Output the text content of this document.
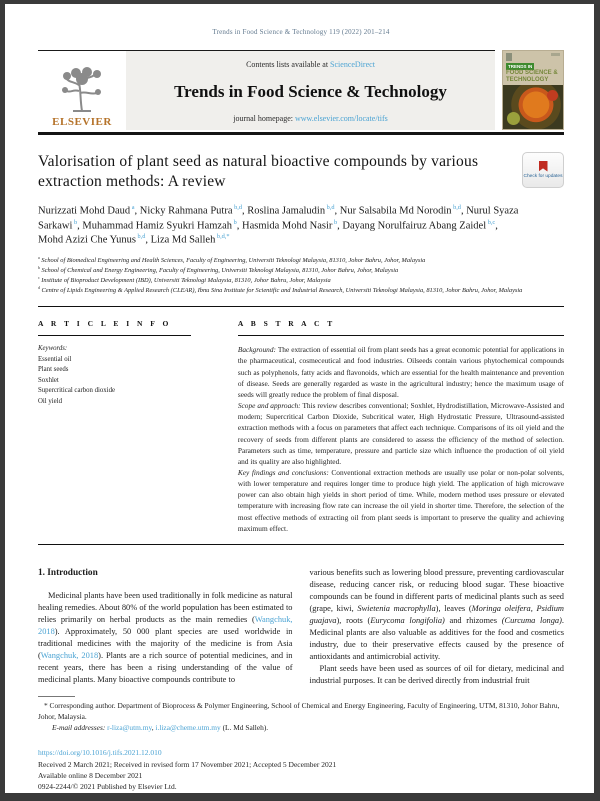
Trends in Food Science & Technology 119 (2022) 201–214
ELSEVIER
Contents lists available at ScienceDirect
Trends in Food Science & Technology
journal homepage: www.elsevier.com/locate/tifs
TRENDS IN
FOOD SCIENCE & TECHNOLOGY
Valorisation of plant seed as natural bioactive compounds by various extraction methods: A review	Check for updates
Nurizzati Mohd Daud $^a$, Nicky Rahmana Putra $^{b,d}$, Roslina Jamaludin $^{b,d}$, Nur Salsabila Md Norodin $^{b,d}$, Nurul Syaza Sarkawi $^b$, Muhammad Hamiz Syukri Hamzah $^b$, Hasmida Mohd Nasir $^b$, Dayang Norulfairuz Abang Zaidel $^{b,c}$, Mohd Azizi Che Yunus $^{b,d}$, Liza Md Salleh $^{b,d,*}$
$^a$ School of Biomedical Engineering and Health Sciences, Faculty of Engineering, Universiti Teknologi Malaysia, 81310, Johor Bahru, Johor, Malaysia
$^b$ School of Chemical and Energy Engineering, Faculty of Engineering, Universiti Teknologi Malaysia, 81310, Johor Bahru, Johor, Malaysia
$^c$ Institute of Bioproduct Development (IBD), Universiti Teknologi Malaysia, 81310, Johor Bahru, Johor, Malaysia
$^d$ Centre of Lipids Engineering & Applied Research (CLEAR), Ibnu Sina Institute for Scientific and Industrial Research, Universiti Teknologi Malaysia, 81310, Johor Bahru, Johor, Malaysia
A R T I C L E I N F O
Keywords:
Essential oil
Plant seeds
Soxhlet
Supercritical carbon dioxide
Oil yield
A B S T R A C T

Background: The extraction of essential oil from plant seeds has a great economic potential for applications in the pharmaceutical, cosmeceutical and food industries. Oilseeds contain various phytochemical compounds such as polyphenols, fatty acids and flavonoids, which are essential for the health maintenance and prevention of disease. Seeds are generally regarded as waste in the agricultural industry; hence the maximum usage of seeds will greatly reduce the problem of final disposal.

Scope and approach: This review describes conventional; Soxhlet, Hydrodistillation, Microwave-Assisted and modern; Supercritical Carbon Dioxide, Subcritical water, High Hydrostatic Pressure, Ultrasound-assisted extraction methods with a focus on parameters that affect each technique. Comparisons of its oil yield and the recovery of seeds from different plants are considered to assess the efficiency of the method of selection. Parameters such as time, temperature, pressure and particle size which influence the production of oil yield and its quality are also highlighted.

Key findings and conclusions: Conventional extraction methods are usually use polar or non-polar solvents, with lower temperature and requires longer time to produce high yield. The application of high microwave power can also obtain high yields in short period of time. While, modern method uses pressure or elevated temperature with increasing flow rate can increase the oil yield in shorter time. Therefore, the selection of the most effective methods of extracting oil from plant seeds is important to preserve the quality and achieving maximum effect.

1. Introduction

Medicinal plants have been used traditionally in folk medicine as natural healing remedies. About 80% of the world population has been estimated to relies primarily on herbal products as the main remedies (Wangchuk, 2018). Approximately, 50 000 plant species are used worldwide in traditional medicines with the majority of the medicine is from Asia (Wangchuk, 2018). Plants are a rich source of potential medicines, and in recent years, there has been a rising understanding of the value of medicinal plants. Many bioactive compounds contribute to

various benefits such as lowering blood pressure, preventing cardiovascular disease, reducing cancer risk, or reducing blood sugar. These bioactive compounds can be found in different parts of medicinal plants such as seed (grape, kiwi, Swietenia macrophylla), leaves (Moringa oleifera, Psidium guajava), roots (Eurycoma longifolia) and rhizomes (Curcuma longa). Medicinal plants are also valuable as additives for the food and cosmetics industry, due to their preservative effects caused by the presence of antioxidants and antimicrobial activity.

Plant seeds have been used as sources of oil for dietary, medicinal and industrial purposes. It can be derived directly from industrial fruit

* Corresponding author. Department of Bioprocess & Polymer Engineering, School of Chemical and Energy Engineering, Faculty of Engineering, UTM, 81310, Johor Bahru, Johor, Malaysia.
E-mail addresses: r-liza@utm.my, i.liza@cheme.utm.my (L. Md Salleh).
https://doi.org/10.1016/j.tifs.2021.12.010
Received 2 March 2021; Received in revised form 17 November 2021; Accepted 5 December 2021
Available online 8 December 2021
0924-2244/© 2021 Published by Elsevier Ltd.
